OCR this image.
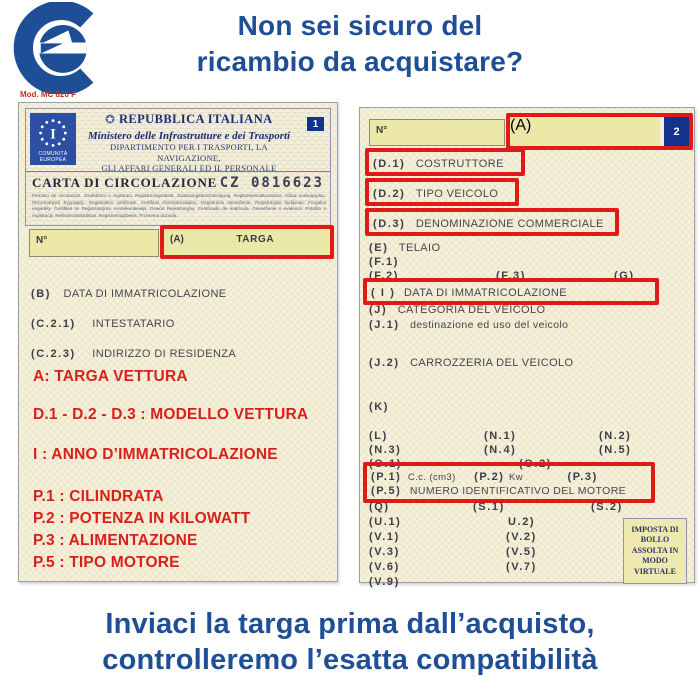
Non sei sicuro del
ricambio da acquistare?
Mod. MC 820 F
I
COMUNITÀ
EUROPEA
REPUBBLICA ITALIANA
Ministero delle Infrastrutture e dei Trasporti
DIPARTIMENTO PER I TRASPORTI, LA NAVIGAZIONE,
GLI AFFARI GENERALI ED IL PERSONALE
1
CARTA DI CIRCOLAZIONE CZ 0816623
Permiso de circulación. Osvědčení o registraci. Registreringsattest. Zulassungsbescheinigung. Registreerimistunnistus. Άδεια κυκλοφορίας. Πιστοποιητικό Εγγραφής. Registration certificate. Certificat d'immatriculation. Registrácie osvedčenie. Registracijos liudijimas. Forgalmi engedély. Ċertifikat ta' Reġistrazzjoni. Kentekenbewijs. Dowód Rejestracyjny. Certificado de matrícula. Osvedčenie o evidencii. Potrdilo o registraciji. Rekisteröintitodistus. Registreringsbevis. Prometna dozvola.
N°	(A)	TARGA
(B) DATA DI IMMATRICOLAZIONE
(C.2.1) INTESTATARIO
(C.2.3) INDIRIZZO DI RESIDENZA
A: TARGA VETTURA
D.1 - D.2 - D.3 : MODELLO VETTURA
I : ANNO D’IMMATRICOLAZIONE
P.1 : CILINDRATA
P.2 : POTENZA IN KILOWATT
P.3 : ALIMENTAZIONE
P.5 : TIPO MOTORE
N°	(A)	2
(D.1) COSTRUTTORE
(D.2) TIPO VEICOLO
(D.3) DENOMINAZIONE COMMERCIALE
(E) TELAIO
(F.1)
(F.2)	(F.3)	(G)
( I ) DATA DI IMMATRICOLAZIONE
(J) CATEGORIA DEL VEICOLO
(J.1) destinazione ed uso del veicolo
(J.2) CARROZZERIA DEL VEICOLO
(K)
(L)	(N.1)	(N.2)
(N.3)	(N.4)	(N.5)
(O.1)	(O.2)
(P.1) C.c. (cm3) (P.2) Kw	(P.3)
(P.5) NUMERO IDENTIFICATIVO DEL MOTORE
(Q)	(S.1)	(S.2)
(U.1)	U.2)
(V.1)	(V.2)
(V.3)	(V.5)
(V.6)	(V.7)
(V.9)
IMPOSTA DI BOLLO ASSOLTA IN MODO VIRTUALE
Inviaci la targa prima dall’acquisto,
controlleremo l’esatta compatibilità
